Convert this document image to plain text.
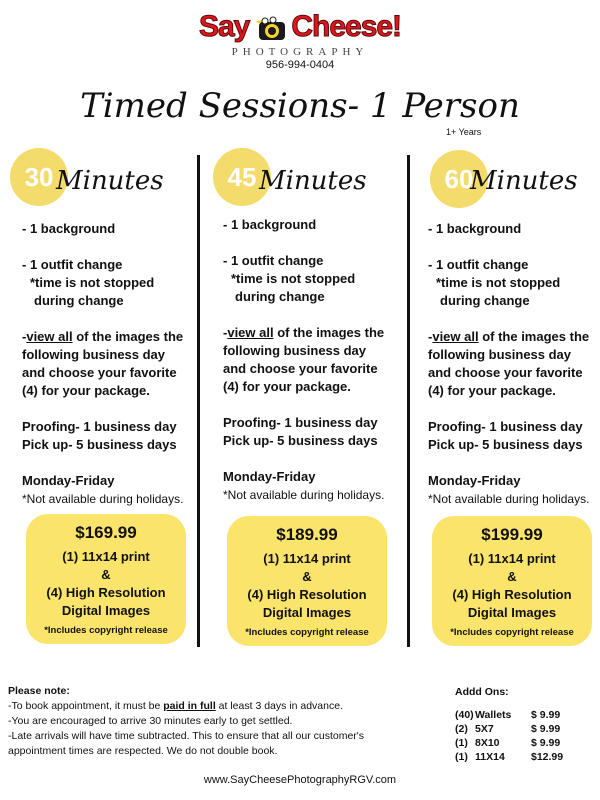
Say Cheese!
PHOTOGRAPHY
956-994-0404
Timed Sessions- 1 Person
1+ Years
30 Minutes

- 1 background

- 1 outfit change

*time is not stopped

during change

-view all of the images the

following business day

and choose your favorite

(4) for your package.

Proofing- 1 business day

Pick up- 5 business days

Monday-Friday

*Not available during holidays.

$169.99
(1) 11x14 print
&
(4) High Resolution
Digital Images
*Includes copyright release
45 Minutes

- 1 background

- 1 outfit change

*time is not stopped

during change

-view all of the images the

following business day

and choose your favorite

(4) for your package.

Proofing- 1 business day

Pick up- 5 business days

Monday-Friday

*Not available during holidays.

$189.99
(1) 11x14 print
&
(4) High Resolution
Digital Images
*Includes copyright release
60
Minutes

- 1 background

- 1 outfit change

*time is not stopped

during change

-view all of the images the

following business day

and choose your favorite

(4) for your package.

Proofing- 1 business day

Pick up- 5 business days

Monday-Friday

*Not available during holidays.

$199.99
(1) 11x14 print
&
(4) High Resolution
Digital Images
*Includes copyright release
Please note:
-To book appointment, it must be paid in full at least 3 days in advance.
-You are encouraged to arrive 30 minutes early to get settled.
-Late arrivals will have time subtracted. This to ensure that all our customer's
appointment times are respected. We do not double book.
Addd Ons:
(40)	Wallets	$ 9.99
(2)	5X7	$ 9.99
(1)	8X10	$ 9.99
(1)	11X14	$12.99
www.SayCheesePhotographyRGV.com
